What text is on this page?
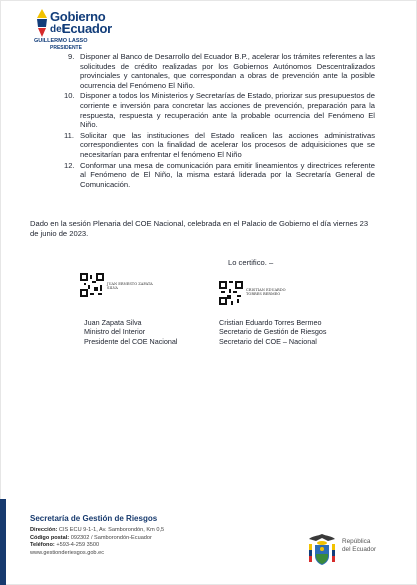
Gobierno
del
Ecuador
GUILLERMO LASSO
PRESIDENTE
9. Disponer al Banco de Desarrollo del Ecuador B.P., acelerar los trámites referentes a las solicitudes de crédito realizadas por los Gobiernos Autónomos Descentralizados provinciales y cantonales, que correspondan a obras de prevención ante la posible ocurrencia del Fenómeno El Niño.
10. Disponer a todos los Ministerios y Secretarías de Estado, priorizar sus presupuestos de corriente e inversión para concretar las acciones de prevención, preparación para la respuesta, respuesta y recuperación ante la probable ocurrencia del Fenómeno El Niño.
11. Solicitar que las instituciones del Estado realicen las acciones administrativas correspondientes con la finalidad de acelerar los procesos de adquisiciones que se necesitarían para enfrentar el fenómeno El Niño
12. Conformar una mesa de comunicación para emitir lineamientos y directrices referente al Fenómeno de El Niño, la misma estará liderada por la Secretaría General de Comunicación.
Dado en la sesión Plenaria del COE Nacional, celebrada en el Palacio de Gobierno el día viernes 23 de junio de 2023.
Lo certifico. –
JUAN ERNESTO ZAPATA
SILVA
Juan Zapata Silva
Ministro del Interior
Presidente del COE Nacional
CRISTIAN EDUARDO
TORRES BERMEO
Cristian Eduardo Torres Bermeo
Secretario de Gestión de Riesgos
Secretario del COE – Nacional
Secretaría de Gestión de Riesgos
Dirección: CIS ECU 9-1-1, Av. Samborondón, Km 0,5
Código postal: 092302 / Samborondón-Ecuador
Teléfono: +593-4-259 3500
www.gestionderiesgos.gob.ec
República
del Ecuador
